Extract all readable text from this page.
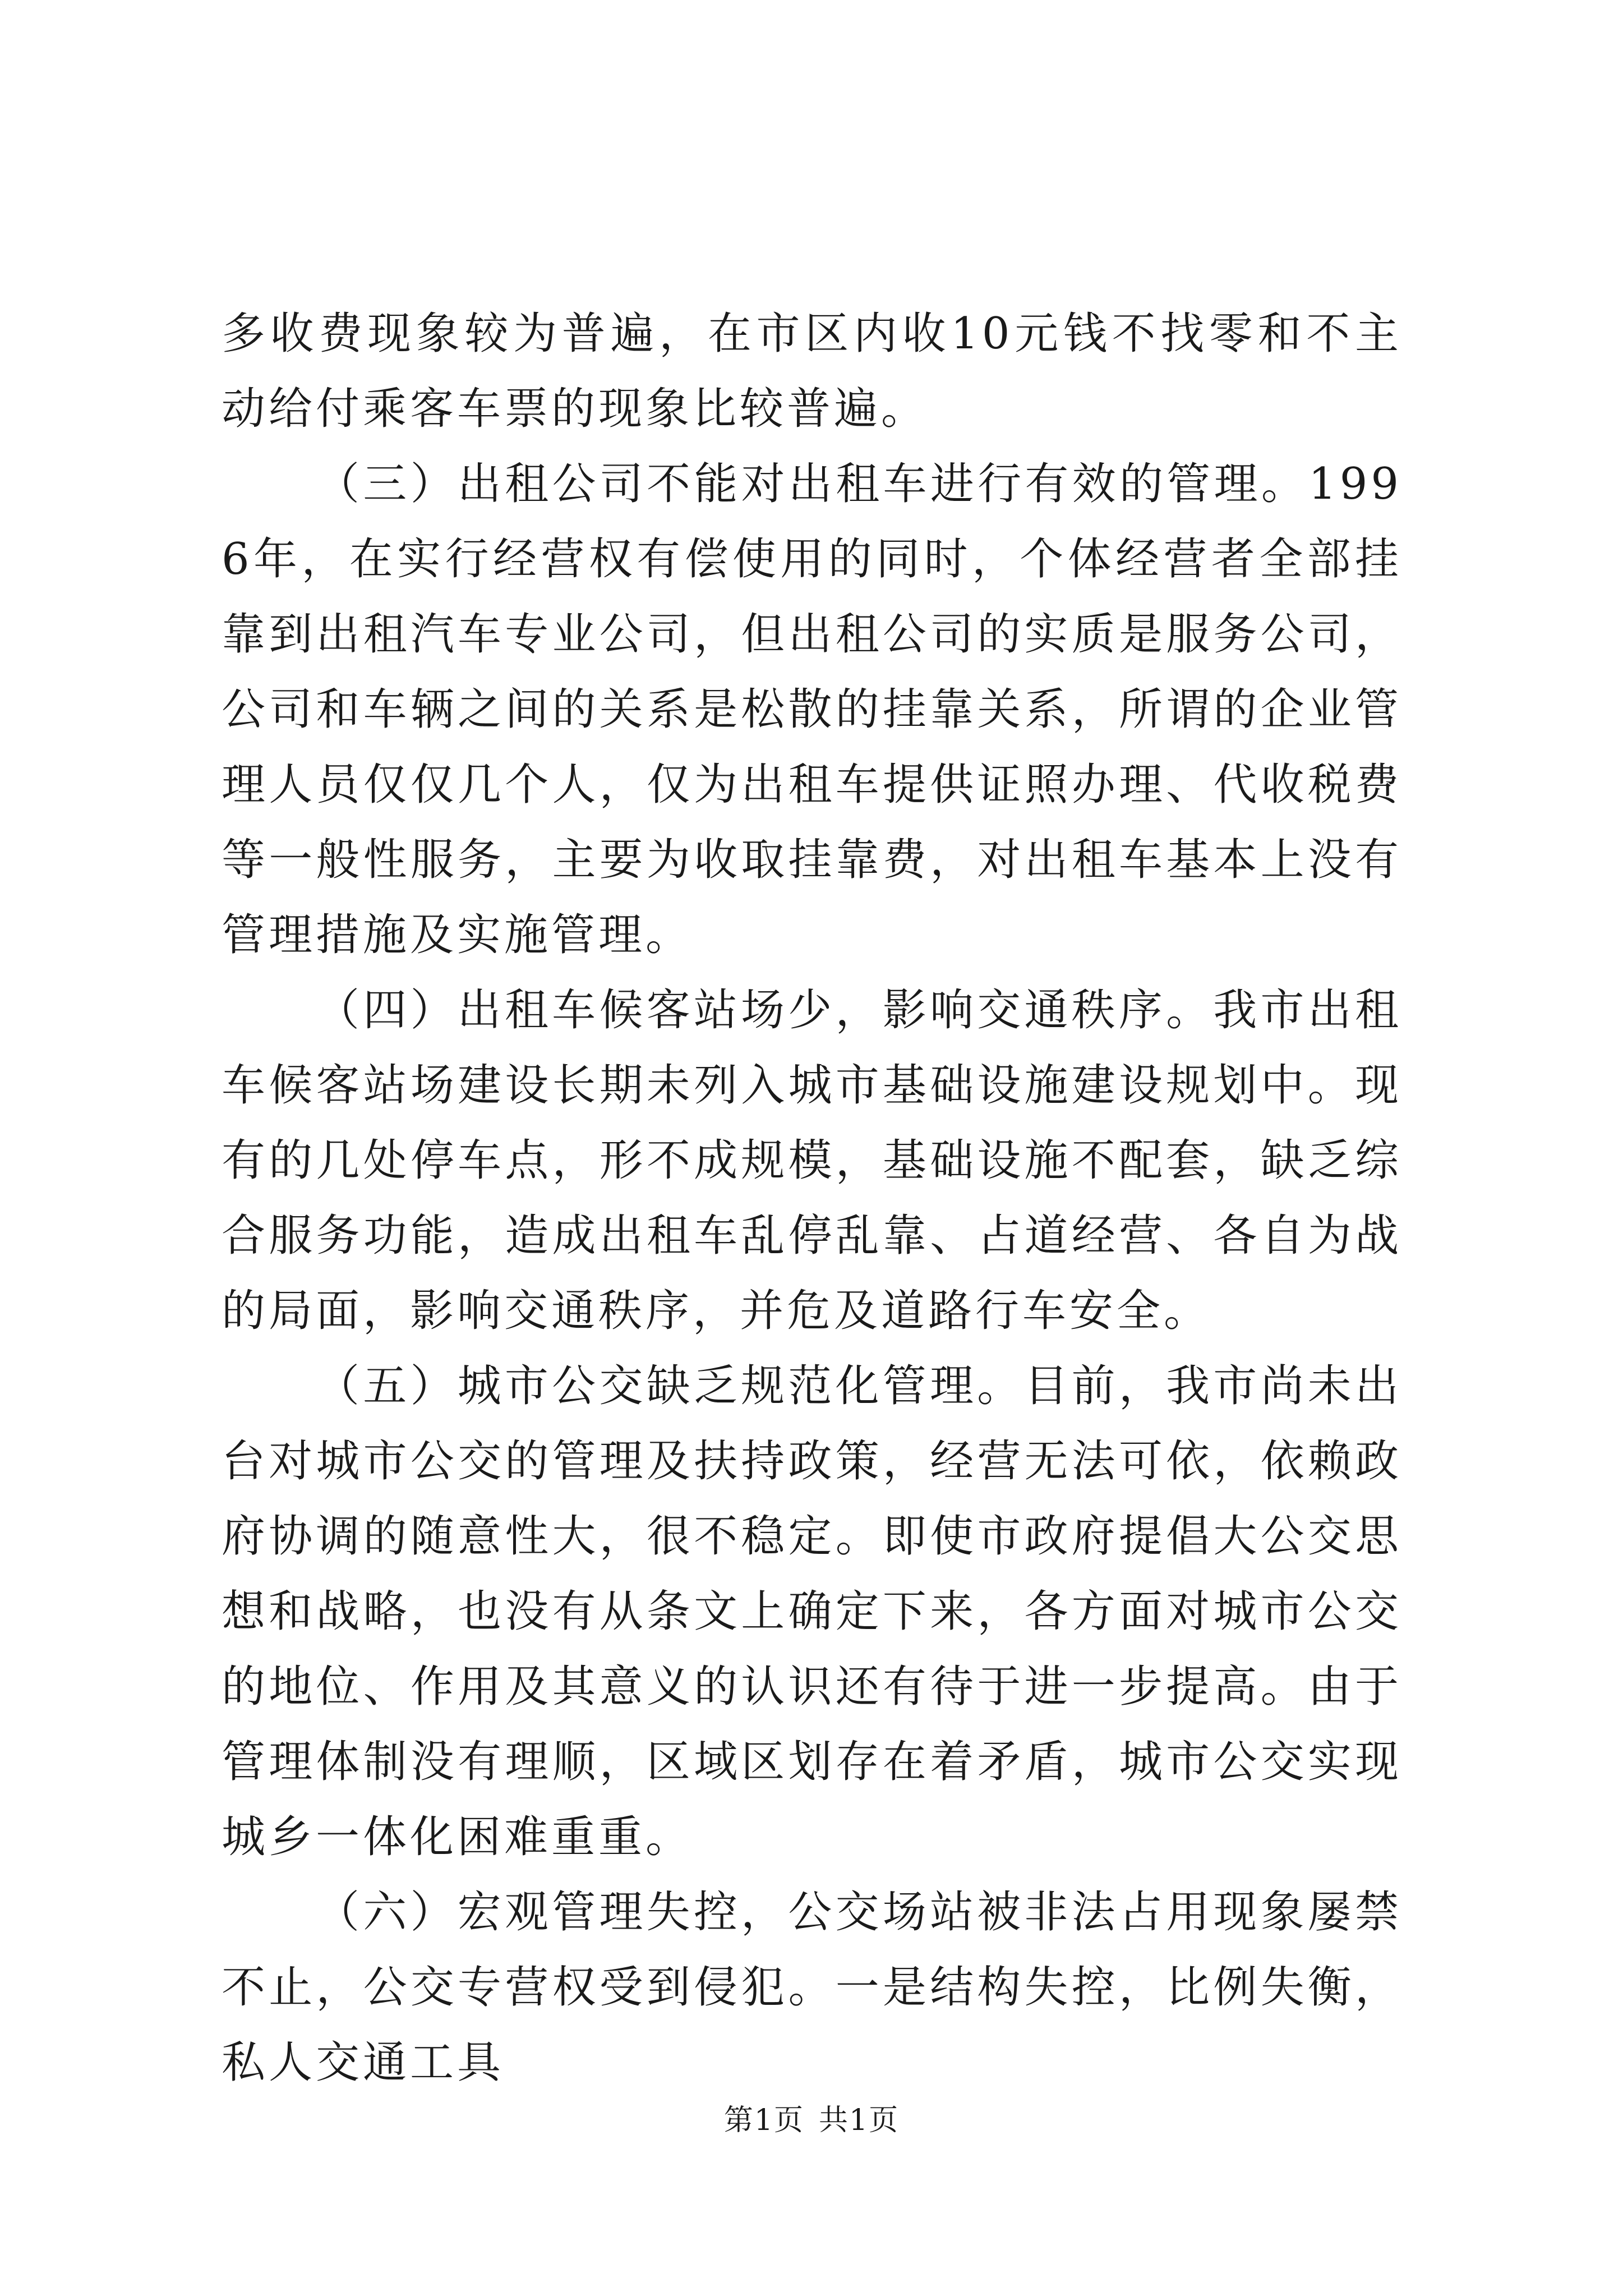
多收费现象较为普遍，在市区内收10元钱不找零和不主动给付乘客车票的现象比较普遍。

（三）出租公司不能对出租车进行有效的管理。1996年，在实行经营权有偿使用的同时，个体经营者全部挂靠到出租汽车专业公司，但出租公司的实质是服务公司，公司和车辆之间的关系是松散的挂靠关系，所谓的企业管理人员仅仅几个人，仅为出租车提供证照办理、代收税费等一般性服务，主要为收取挂靠费，对出租车基本上没有管理措施及实施管理。

（四）出租车候客站场少，影响交通秩序。我市出租车候客站场建设长期未列入城市基础设施建设规划中。现有的几处停车点，形不成规模，基础设施不配套，缺乏综合服务功能，造成出租车乱停乱靠、占道经营、各自为战的局面，影响交通秩序，并危及道路行车安全。

（五）城市公交缺乏规范化管理。目前，我市尚未出台对城市公交的管理及扶持政策，经营无法可依，依赖政府协调的随意性大，很不稳定。即使市政府提倡大公交思想和战略，也没有从条文上确定下来，各方面对城市公交的地位、作用及其意义的认识还有待于进一步提高。由于管理体制没有理顺，区域区划存在着矛盾，城市公交实现城乡一体化困难重重。

（六）宏观管理失控，公交场站被非法占用现象屡禁不止，公交专营权受到侵犯。一是结构失控，比例失衡，私人交通工具

第1页 共1页
